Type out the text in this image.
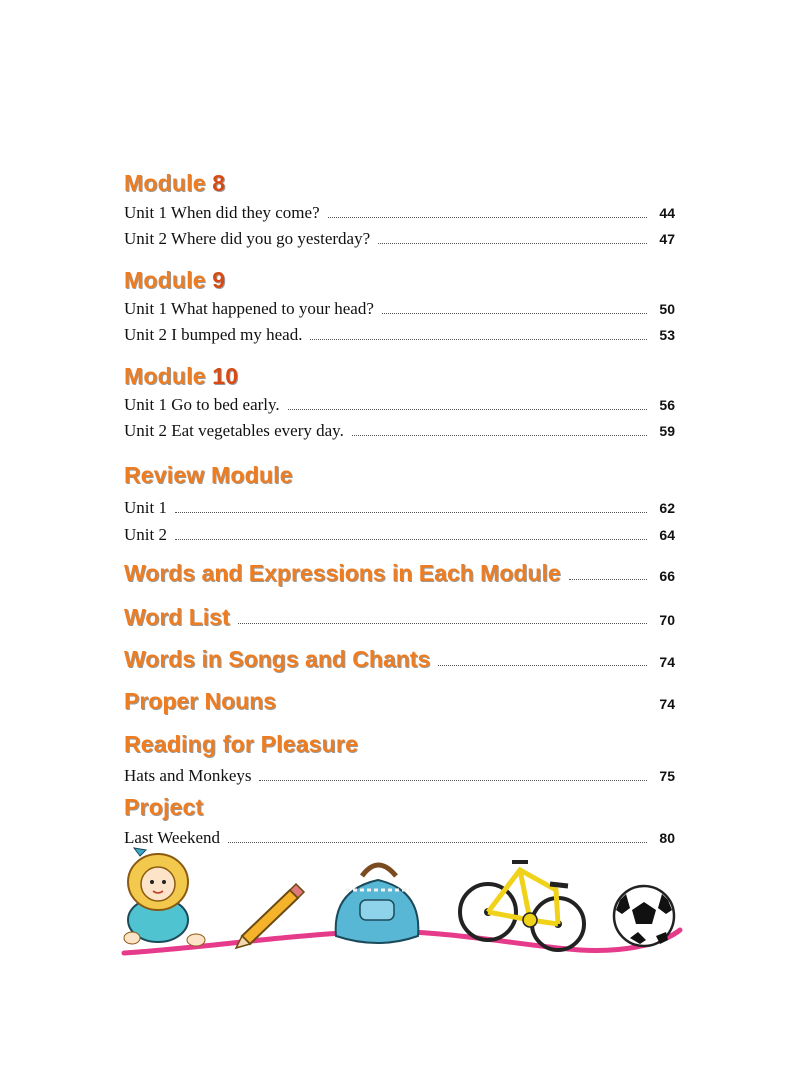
Module 8
Unit 1 When did they come?	44
Unit 2 Where did you go yesterday?	47
Module 9
Unit 1 What happened to your head?	50
Unit 2 I bumped my head.	53
Module 10
Unit 1 Go to bed early.	56
Unit 2 Eat vegetables every day.	59
Review Module
Unit 1	62
Unit 2	64
Words and Expressions in Each Module	66
Word List	70
Words in Songs and Chants	74
Proper Nouns	74
Reading for Pleasure
Hats and Monkeys	75
Project
Last Weekend	80
